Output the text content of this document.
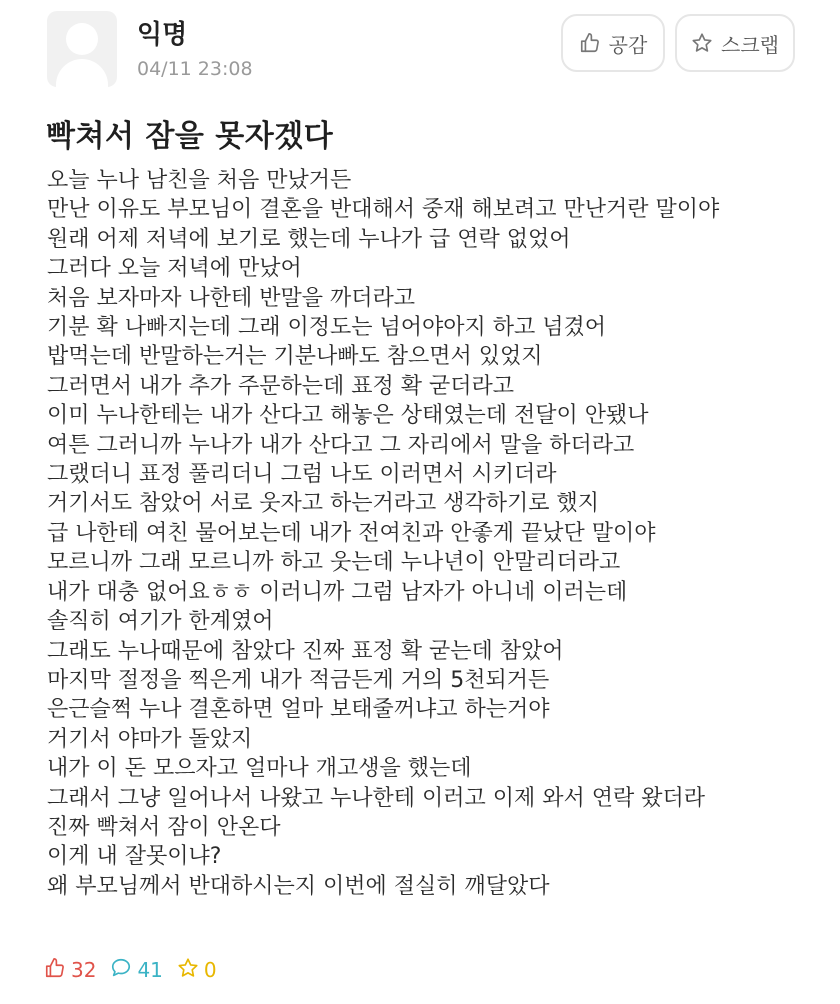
익명
04/11 23:08
공감	스크랩
빡쳐서 잠을 못자겠다
오늘 누나 남친을 처음 만났거든
만난 이유도 부모님이 결혼을 반대해서 중재 해보려고 만난거란 말이야
원래 어제 저녁에 보기로 했는데 누나가 급 연락 없었어
그러다 오늘 저녁에 만났어
처음 보자마자 나한테 반말을 까더라고
기분 확 나빠지는데 그래 이정도는 넘어야아지 하고 넘겼어
밥먹는데 반말하는거는 기분나빠도 참으면서 있었지
그러면서 내가 추가 주문하는데 표정 확 굳더라고
이미 누나한테는 내가 산다고 해놓은 상태였는데 전달이 안됐나
여튼 그러니까 누나가 내가 산다고 그 자리에서 말을 하더라고
그랬더니 표정 풀리더니 그럼 나도 이러면서 시키더라
거기서도 참았어 서로 웃자고 하는거라고 생각하기로 했지
급 나한테 여친 물어보는데 내가 전여친과 안좋게 끝났단 말이야
모르니까 그래 모르니까 하고 웃는데 누나년이 안말리더라고
내가 대충 없어요ㅎㅎ 이러니까 그럼 남자가 아니네 이러는데
솔직히 여기가 한계였어
그래도 누나때문에 참았다 진짜 표정 확 굳는데 참았어
마지막 절정을 찍은게 내가 적금든게 거의 5천되거든
은근슬쩍 누나 결혼하면 얼마 보태줄꺼냐고 하는거야
거기서 야마가 돌았지
내가 이 돈 모으자고 얼마나 개고생을 했는데
그래서 그냥 일어나서 나왔고 누나한테 이러고 이제 와서 연락 왔더라
진짜 빡쳐서 잠이 안온다
이게 내 잘못이냐?
왜 부모님께서 반대하시는지 이번에 절실히 깨달았다
32 41 0
